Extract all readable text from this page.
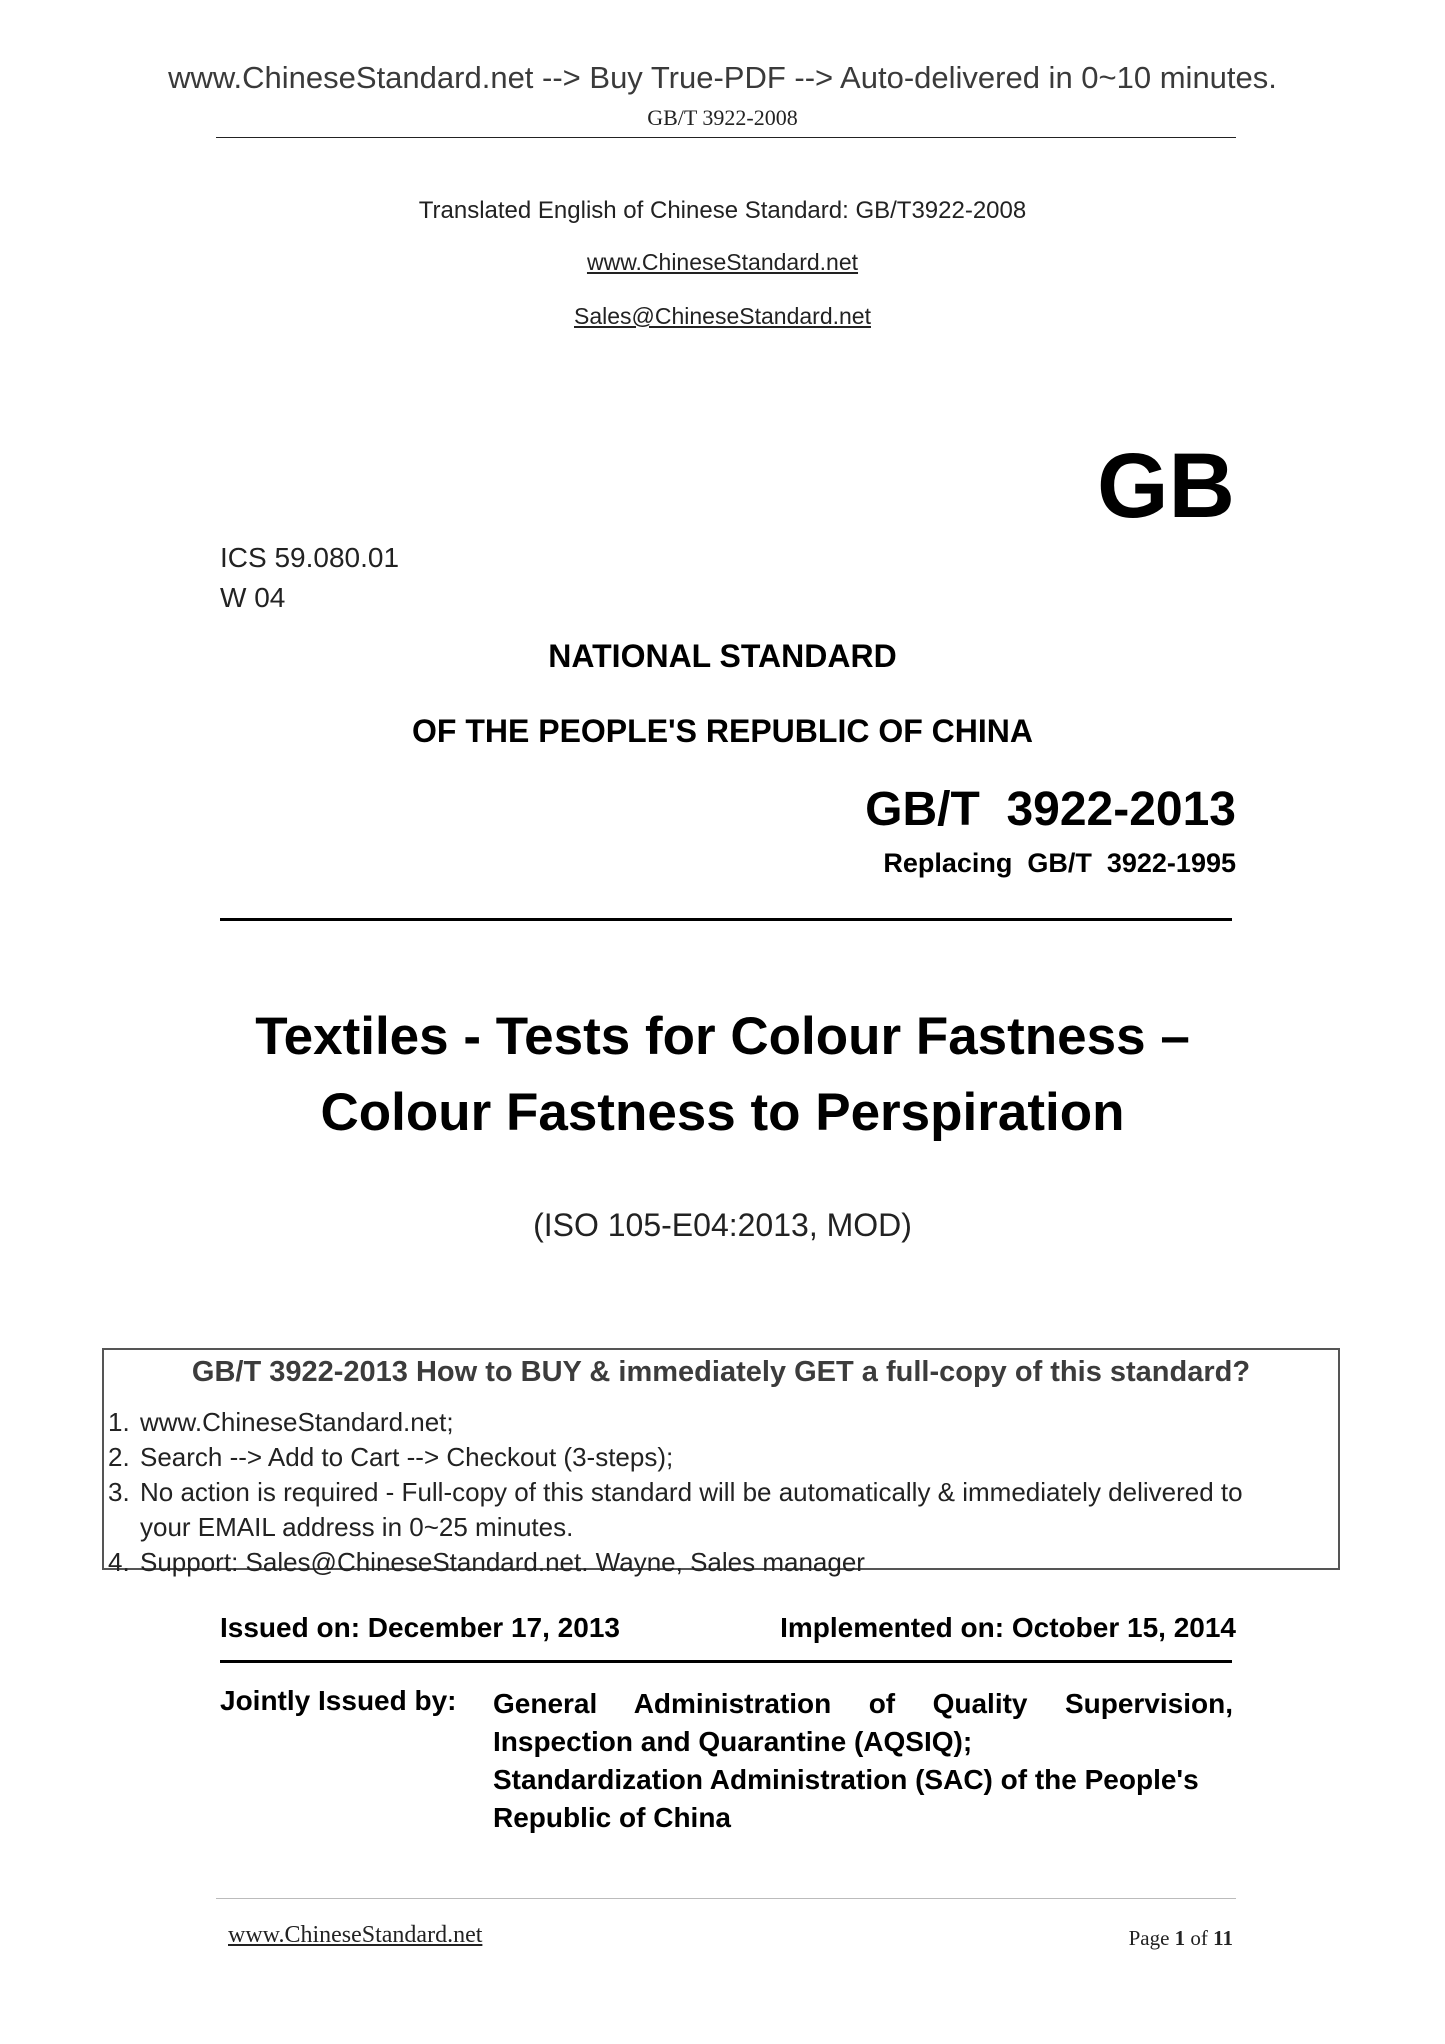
www.ChineseStandard.net --> Buy True-PDF --> Auto-delivered in 0~10 minutes.
GB/T 3922-2008
Translated English of Chinese Standard: GB/T3922-2008
www.ChineseStandard.net
Sales@ChineseStandard.net
GB
ICS 59.080.01
W 04
NATIONAL STANDARD
OF THE PEOPLE'S REPUBLIC OF CHINA
GB/T  3922-2013
Replacing  GB/T  3922-1995
Textiles - Tests for Colour Fastness –
Colour Fastness to Perspiration
(ISO 105-E04:2013, MOD)
GB/T 3922-2013 How to BUY & immediately GET a full-copy of this standard?
1. www.ChineseStandard.net;
2. Search --> Add to Cart --> Checkout (3-steps);
3. No action is required - Full-copy of this standard will be automatically & immediately delivered to
your EMAIL address in 0~25 minutes.
4. Support: Sales@ChineseStandard.net. Wayne, Sales manager
Issued on: December 17, 2013	Implemented on: October 15, 2014
Jointly Issued by: General Administration of Quality Supervision,
Inspection and Quarantine (AQSIQ);
Standardization Administration (SAC) of the People's Republic of China
www.ChineseStandard.net	Page 1 of 11
